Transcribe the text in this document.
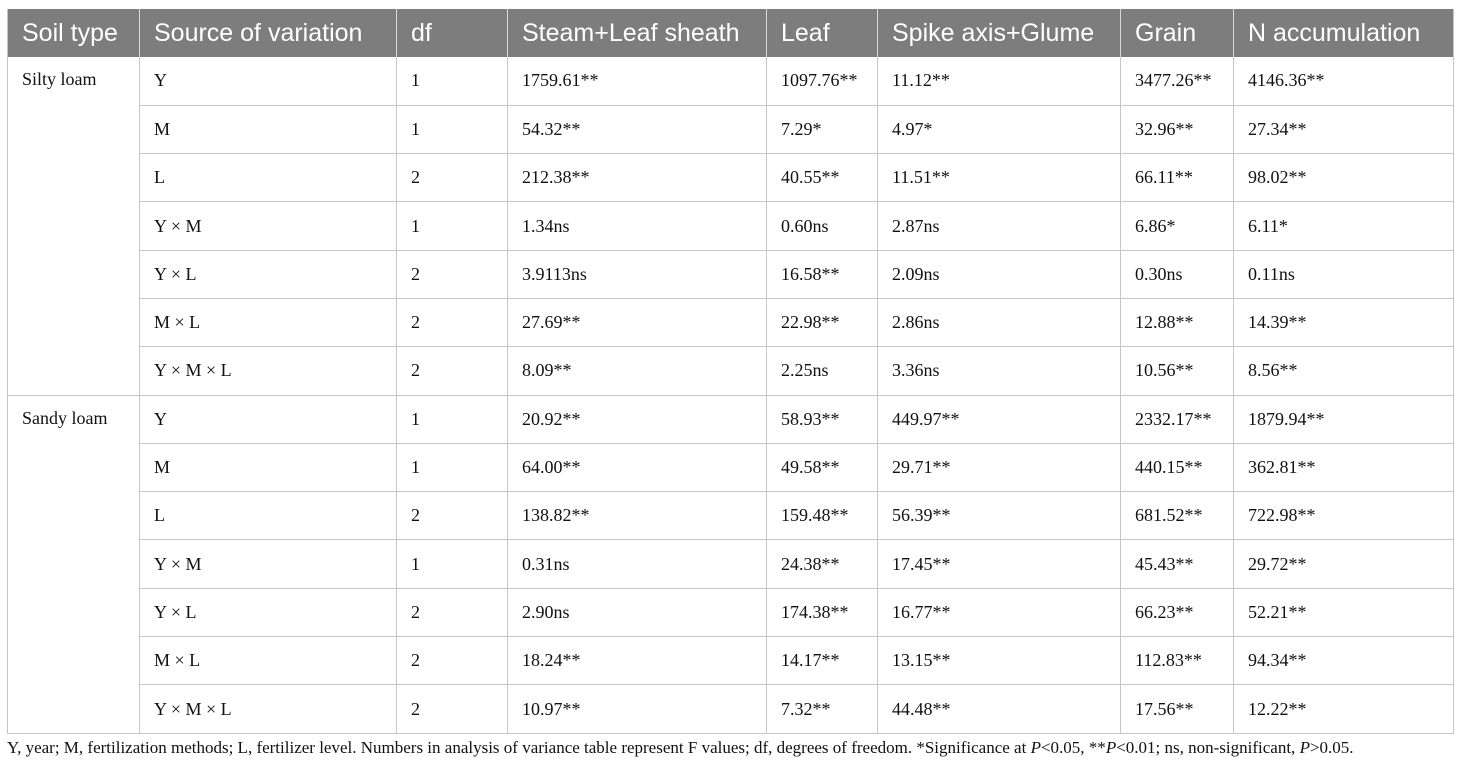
Soil type	Source of variation	df	Steam+Leaf sheath	Leaf	Spike axis+Glume	Grain	N accumulation
Silty loam	Y	1	1759.61**	1097.76**	11.12**	3477.26**	4146.36**
	M	1	54.32**	7.29*	4.97*	32.96**	27.34**
	L	2	212.38**	40.55**	11.51**	66.11**	98.02**
	Y × M	1	1.34ns	0.60ns	2.87ns	6.86*	6.11*
	Y × L	2	3.9113ns	16.58**	2.09ns	0.30ns	0.11ns
	M × L	2	27.69**	22.98**	2.86ns	12.88**	14.39**
	Y × M × L	2	8.09**	2.25ns	3.36ns	10.56**	8.56**
Sandy loam	Y	1	20.92**	58.93**	449.97**	2332.17**	1879.94**
	M	1	64.00**	49.58**	29.71**	440.15**	362.81**
	L	2	138.82**	159.48**	56.39**	681.52**	722.98**
	Y × M	1	0.31ns	24.38**	17.45**	45.43**	29.72**
	Y × L	2	2.90ns	174.38**	16.77**	66.23**	52.21**
	M × L	2	18.24**	14.17**	13.15**	112.83**	94.34**
	Y × M × L	2	10.97**	7.32**	44.48**	17.56**	12.22**
Y, year; M, fertilization methods; L, fertilizer level. Numbers in analysis of variance table represent F values; df, degrees of freedom. *Significance at P<0.05, **P<0.01; ns, non-significant, P>0.05.
